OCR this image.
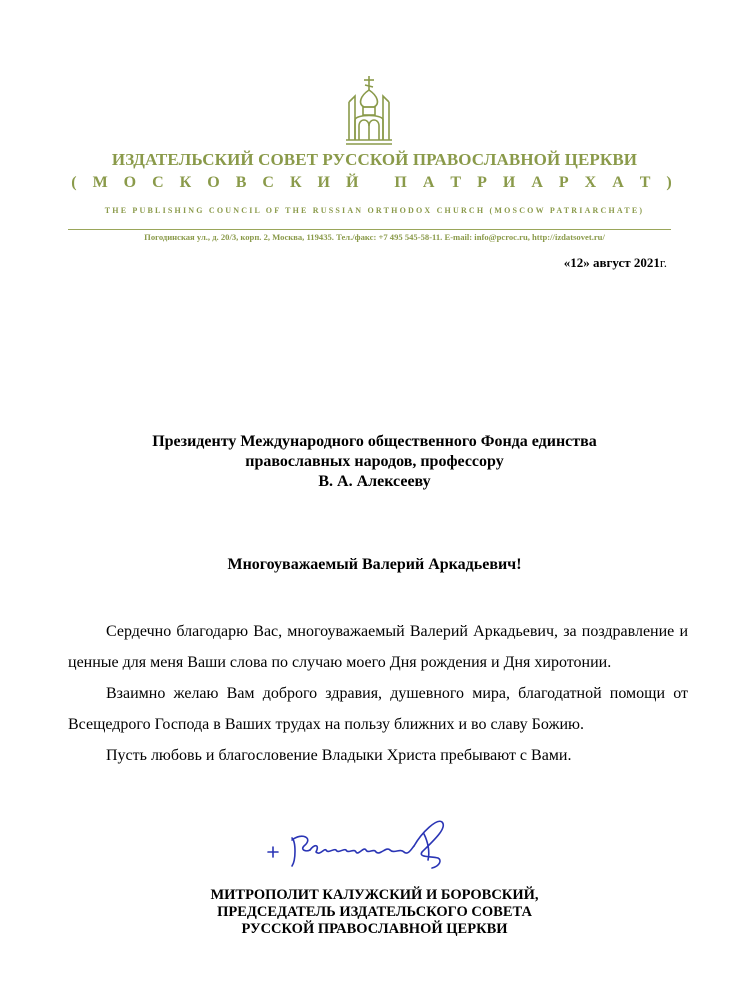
ИЗДАТЕЛЬСКИЙ СОВЕТ РУССКОЙ ПРАВОСЛАВНОЙ ЦЕРКВИ
( М О С К О В С К И Й   П А Т Р И А Р Х А Т )
THE PUBLISHING COUNCIL OF THE RUSSIAN ORTHODOX CHURCH (MOSCOW PATRIARCHATE)
Погодинская ул., д. 20/3, корп. 2, Москва, 119435. Тел./факс: +7 495 545-58-11. E-mail: info@pcroc.ru, http://izdatsovet.ru/
«12» август 2021г.
Президенту Международного общественного Фонда единства
православных народов, профессору
В. А. Алексееву
Многоуважаемый Валерий Аркадьевич!

Сердечно благодарю Вас, многоуважаемый Валерий Аркадьевич, за поздравление и ценные для меня Ваши слова по случаю моего Дня рождения и Дня хиротонии.

Взаимно желаю Вам доброго здравия, душевного мира, благодатной помощи от Всещедрого Господа в Ваших трудах на пользу ближних и во славу Божию.

Пусть любовь и благословение Владыки Христа пребывают с Вами.

МИТРОПОЛИТ КАЛУЖСКИЙ И БОРОВСКИЙ,
ПРЕДСЕДАТЕЛЬ ИЗДАТЕЛЬСКОГО СОВЕТА
РУССКОЙ ПРАВОСЛАВНОЙ ЦЕРКВИ
